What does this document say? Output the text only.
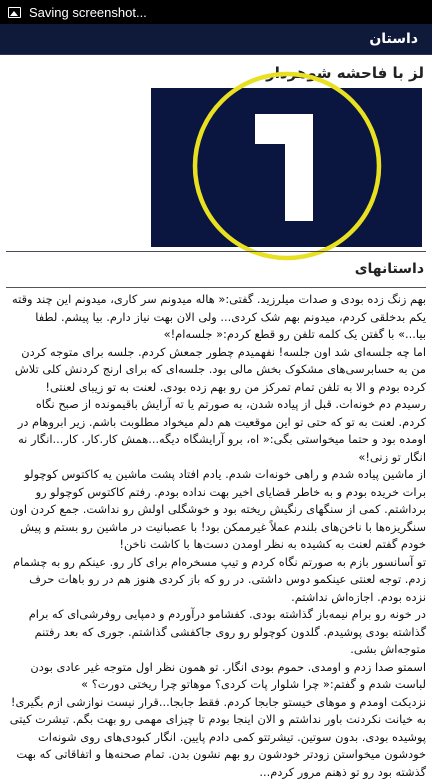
Saving screenshot...
داستان
لز با فاحشه شوهردار
داستانهای

بهم زنگ زده بودی و صدات میلرزید. گفتی:« هاله میدونم سر کاری، میدونم این چند وقته یکم بدخلقی کردم، میدونم بهم شک کردی... ولی الان بهت نیاز دارم. بیا پیشم. لطفا بیا...» با گفتن یک کلمه تلفن رو قطع کردم:« جلسه‌ام!»

اما چه جلسه‌ای شد اون جلسه! نفهمیدم چطور جمعش کردم. جلسه برای متوجه کردن من به حسابرسی‌های مشکوک بخش مالی بود. جلسه‌ای که برای ارنج کردنش کلی تلاش کرده بودم و الا به تلفن تمام تمرکز من رو بهم زده بودی. لعنت به تو زیبای لعنتی!

رسیدم دم خونه‌ات. قبل از پیاده شدن، به صورتم یا ته آرایش باقیمونده از صبح نگاه کردم. لعنت به تو که حتی تو این موقعیت هم دلم میخواد مطلوبت باشم. زیر ابروهام در اومده بود و حتما میخواستی بگی:« اه، برو آرایشگاه دیگه...همش کار.کار. کار...انگار نه انگار تو زنی!»

از ماشین پیاده شدم و راهی خونه‌ات شدم. یادم افتاد پشت ماشین یه کاکتوس کوچولو برات خریده بودم و به خاطر قضایای اخیر بهت نداده بودم. رفتم کاکتوس کوچولو رو برداشتم. کمی از سنگهای رنگیش ریخته بود و خوشگلی اولش رو نداشت. جمع کردن اون سنگریزه‌ها با ناخن‌های بلندم عملاً غیرممکن بود! با عصبانیت در ماشین رو بستم و پیش خودم گفتم لعنت به کشیده به نظر اومدن دست‌ها با کاشت ناخن!

تو آسانسور بازم به صورتم نگاه کردم و تیپ مسخره‌ام برای کار رو. عینکم رو به چشمام زدم. توجه لعنتی عینکمو دوس داشتی. در رو که باز کردی هنوز هم در رو باهات حرف نزده بودم. اجازه‌اش نداشتم.

در خونه رو برام نیمه‌باز گذاشته بودی. کفشامو درآوردم و دمپایی روفرشی‌ای که برام گذاشته بودی پوشیدم. گلدون کوچولو رو روی جاکفشی گذاشتم. جوری که بعد رفتنم متوجه‌اش بشی.

اسمتو صدا زدم و اومدی. حموم بودی انگار. تو همون نظر اول متوجه غیر عادی بودن لباست شدم و گفتم:« چرا شلوار پات کردی؟ موهاتو چرا ریختی دورت؟ »

نزدیکت اومدم و موهای خیستو جابجا کردم. فقط جابجا...قرار نیست نوازشی ازم بگیری! به خیانت نکردنت باور نداشتم و الان اینجا بودم تا چیزای مهمی رو بهت بگم. تیشرت کیتی پوشیده بودی. بدون سوتین. تیشرتتو کمی دادم پایین. انگار کبودی‌های روی شونه‌ات خودشون میخواستن زودتر خودشون رو بهم نشون بدن. تمام صحنه‌ها و اتفاقاتی که بهت گذشته بود رو تو ذهنم مرور کردم...
